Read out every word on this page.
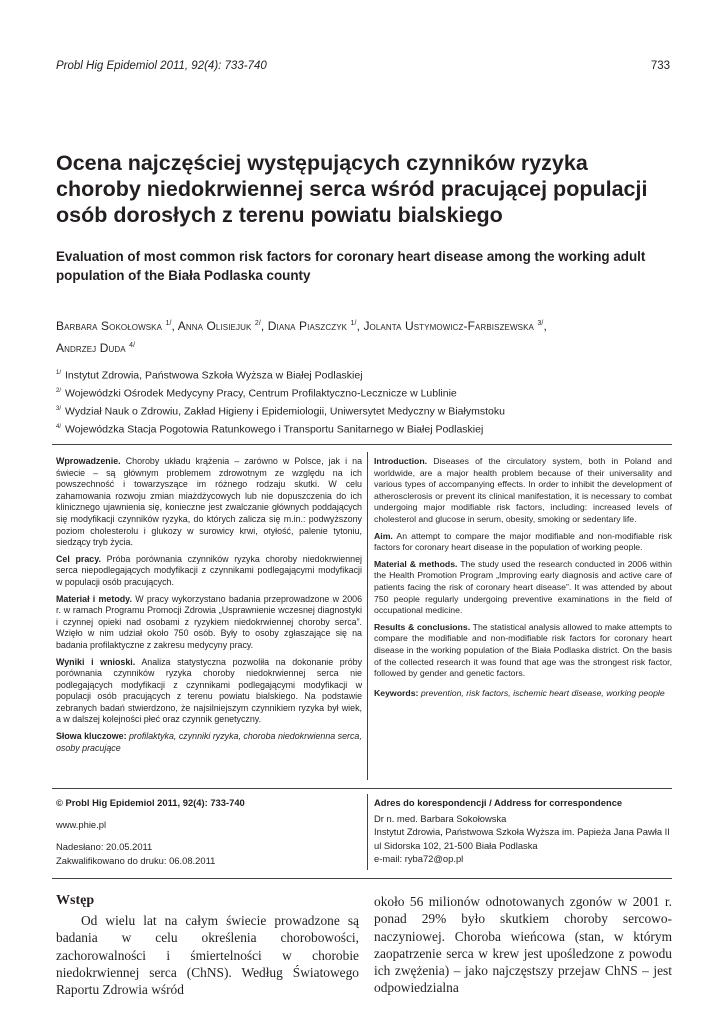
Probl Hig Epidemiol 2011, 92(4): 733-740	733
Ocena najczęściej występujących czynników ryzyka choroby niedokrwiennej serca wśród pracującej populacji osób dorosłych z terenu powiatu bialskiego
Evaluation of most common risk factors for coronary heart disease among the working adult population of the Biała Podlaska county
Barbara Sokołowska $^{1/}$, Anna Olisiejuk $^{2/}$, Diana Piaszczyk $^{1/}$, Jolanta Ustymowicz-Farbiszewska $^{3/}$,
Andrzej Duda $^{4/}$
$^{1/}$ Instytut Zdrowia, Państwowa Szkoła Wyższa w Białej Podlaskiej
$^{2/}$ Wojewódzki Ośrodek Medycyny Pracy, Centrum Profilaktyczno-Lecznicze w Lublinie
$^{3/}$ Wydział Nauk o Zdrowiu, Zakład Higieny i Epidemiologii, Uniwersytet Medyczny w Białymstoku
$^{4/}$ Wojewódzka Stacja Pogotowia Ratunkowego i Transportu Sanitarnego w Białej Podlaskiej

Wprowadzenie. Choroby układu krążenia – zarówno w Polsce, jak i na świecie – są głównym problemem zdrowotnym ze względu na ich powszechność i towarzyszące im różnego rodzaju skutki. W celu zahamowania rozwoju zmian miażdżycowych lub nie dopuszczenia do ich klinicznego ujawnienia się, konieczne jest zwalczanie głównych poddających się modyfikacji czynników ryzyka, do których zalicza się m.in.: podwyższony poziom cholesterolu i glukozy w surowicy krwi, otyłość, palenie tytoniu, siedzący tryb życia.

Cel pracy. Próba porównania czynników ryzyka choroby niedokrwiennej serca niepodlegających modyfikacji z czynnikami podlegającymi modyfikacji w populacji osób pracujących.

Materiał i metody. W pracy wykorzystano badania przeprowadzone w 2006 r. w ramach Programu Promocji Zdrowia „Usprawnienie wczesnej diagnostyki i czynnej opieki nad osobami z ryzykiem niedokrwiennej choroby serca”. Wzięło w nim udział około 750 osób. Były to osoby zgłaszające się na badania profilaktyczne z zakresu medycyny pracy.

Wyniki i wnioski. Analiza statystyczna pozwoliła na dokonanie próby porównania czynników ryzyka choroby niedokrwiennej serca nie podlegających modyfikacji z czynnikami podlegającymi modyfikacji w populacji osób pracujących z terenu powiatu bialskiego. Na podstawie zebranych badań stwierdzono, że najsilniejszym czynnikiem ryzyka był wiek, a w dalszej kolejności płeć oraz czynnik genetyczny.

Słowa kluczowe: profilaktyka, czynniki ryzyka, choroba niedokrwienna serca, osoby pracujące

Introduction. Diseases of the circulatory system, both in Poland and worldwide, are a major health problem because of their universality and various types of accompanying effects. In order to inhibit the development of atherosclerosis or prevent its clinical manifestation, it is necessary to combat undergoing major modifiable risk factors, including: increased levels of cholesterol and glucose in serum, obesity, smoking or sedentary life.

Aim. An attempt to compare the major modifiable and non-modifiable risk factors for coronary heart disease in the population of working people.

Material & methods. The study used the research conducted in 2006 within the Health Promotion Program „Improving early diagnosis and active care of patients facing the risk of coronary heart disease”. It was attended by about 750 people regularly undergoing preventive examinations in the field of occupational medicine.

Results & conclusions. The statistical analysis allowed to make attempts to compare the modifiable and non-modifiable risk factors for coronary heart disease in the working population of the Biała Podlaska district. On the basis of the collected research it was found that age was the strongest risk factor, followed by gender and genetic factors.

Keywords: prevention, risk factors, ischemic heart disease, working people

© Probl Hig Epidemiol 2011, 92(4): 733-740

www.phie.pl

Nadesłano: 20.05.2011

Zakwalifikowano do druku: 06.08.2011

Adres do korespondencji / Address for correspondence

Dr n. med. Barbara Sokołowska

Instytut Zdrowia, Państwowa Szkoła Wyższa im. Papieża Jana Pawła II

ul Sidorska 102, 21-500 Biała Podlaska

e-mail: ryba72@op.pl

Wstęp
Od wielu lat na całym świecie prowadzone są badania w celu określenia chorobowości, zachorowalności i śmiertelności w chorobie niedokrwiennej serca (ChNS). Według Światowego Raportu Zdrowia wśród
około 56 milionów odnotowanych zgonów w 2001 r. ponad 29% było skutkiem choroby sercowo-naczyniowej. Choroba wieńcowa (stan, w którym zaopatrzenie serca w krew jest upośledzone z powodu ich zwężenia) – jako najczęstszy przejaw ChNS – jest odpowiedzialna
